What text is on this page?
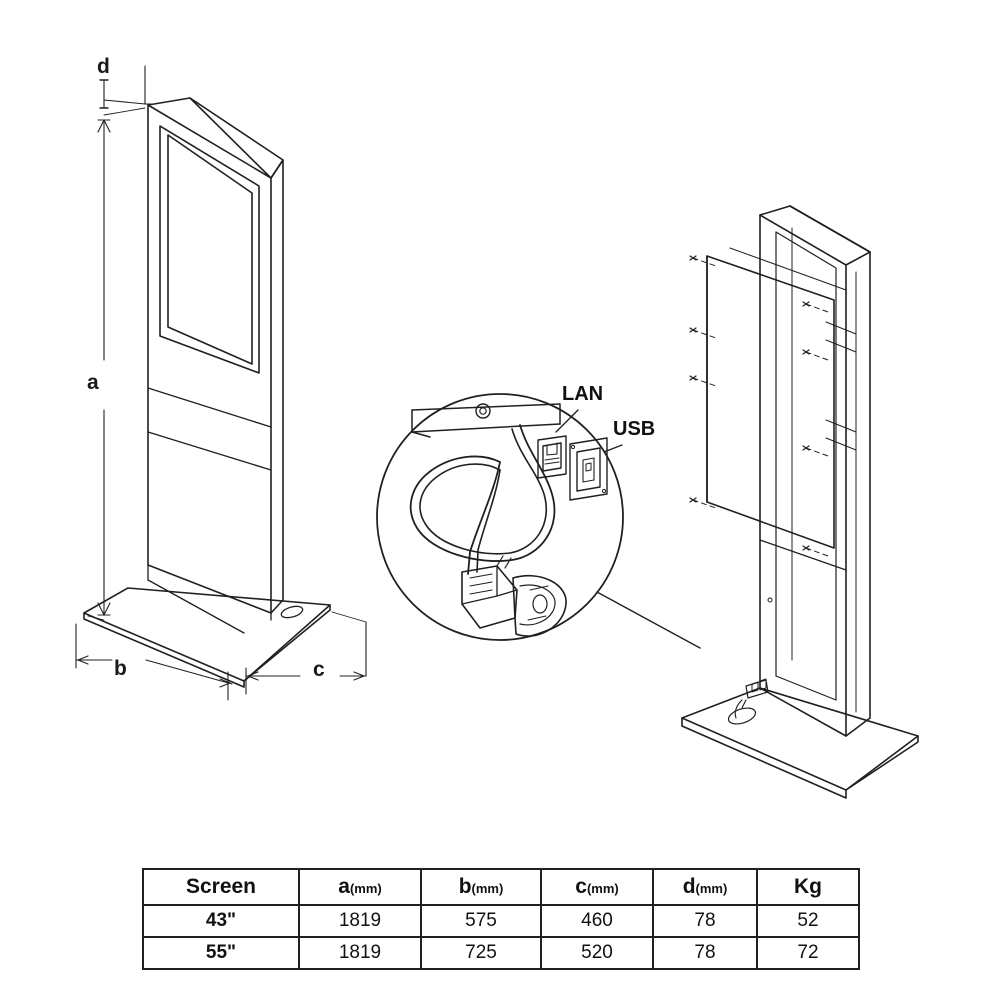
d
a
b	c
LAN
USB
Screen	a(mm)	b(mm)	c(mm)	d(mm)	Kg
43"	1819	575	460	78	52
55"	1819	725	520	78	72
